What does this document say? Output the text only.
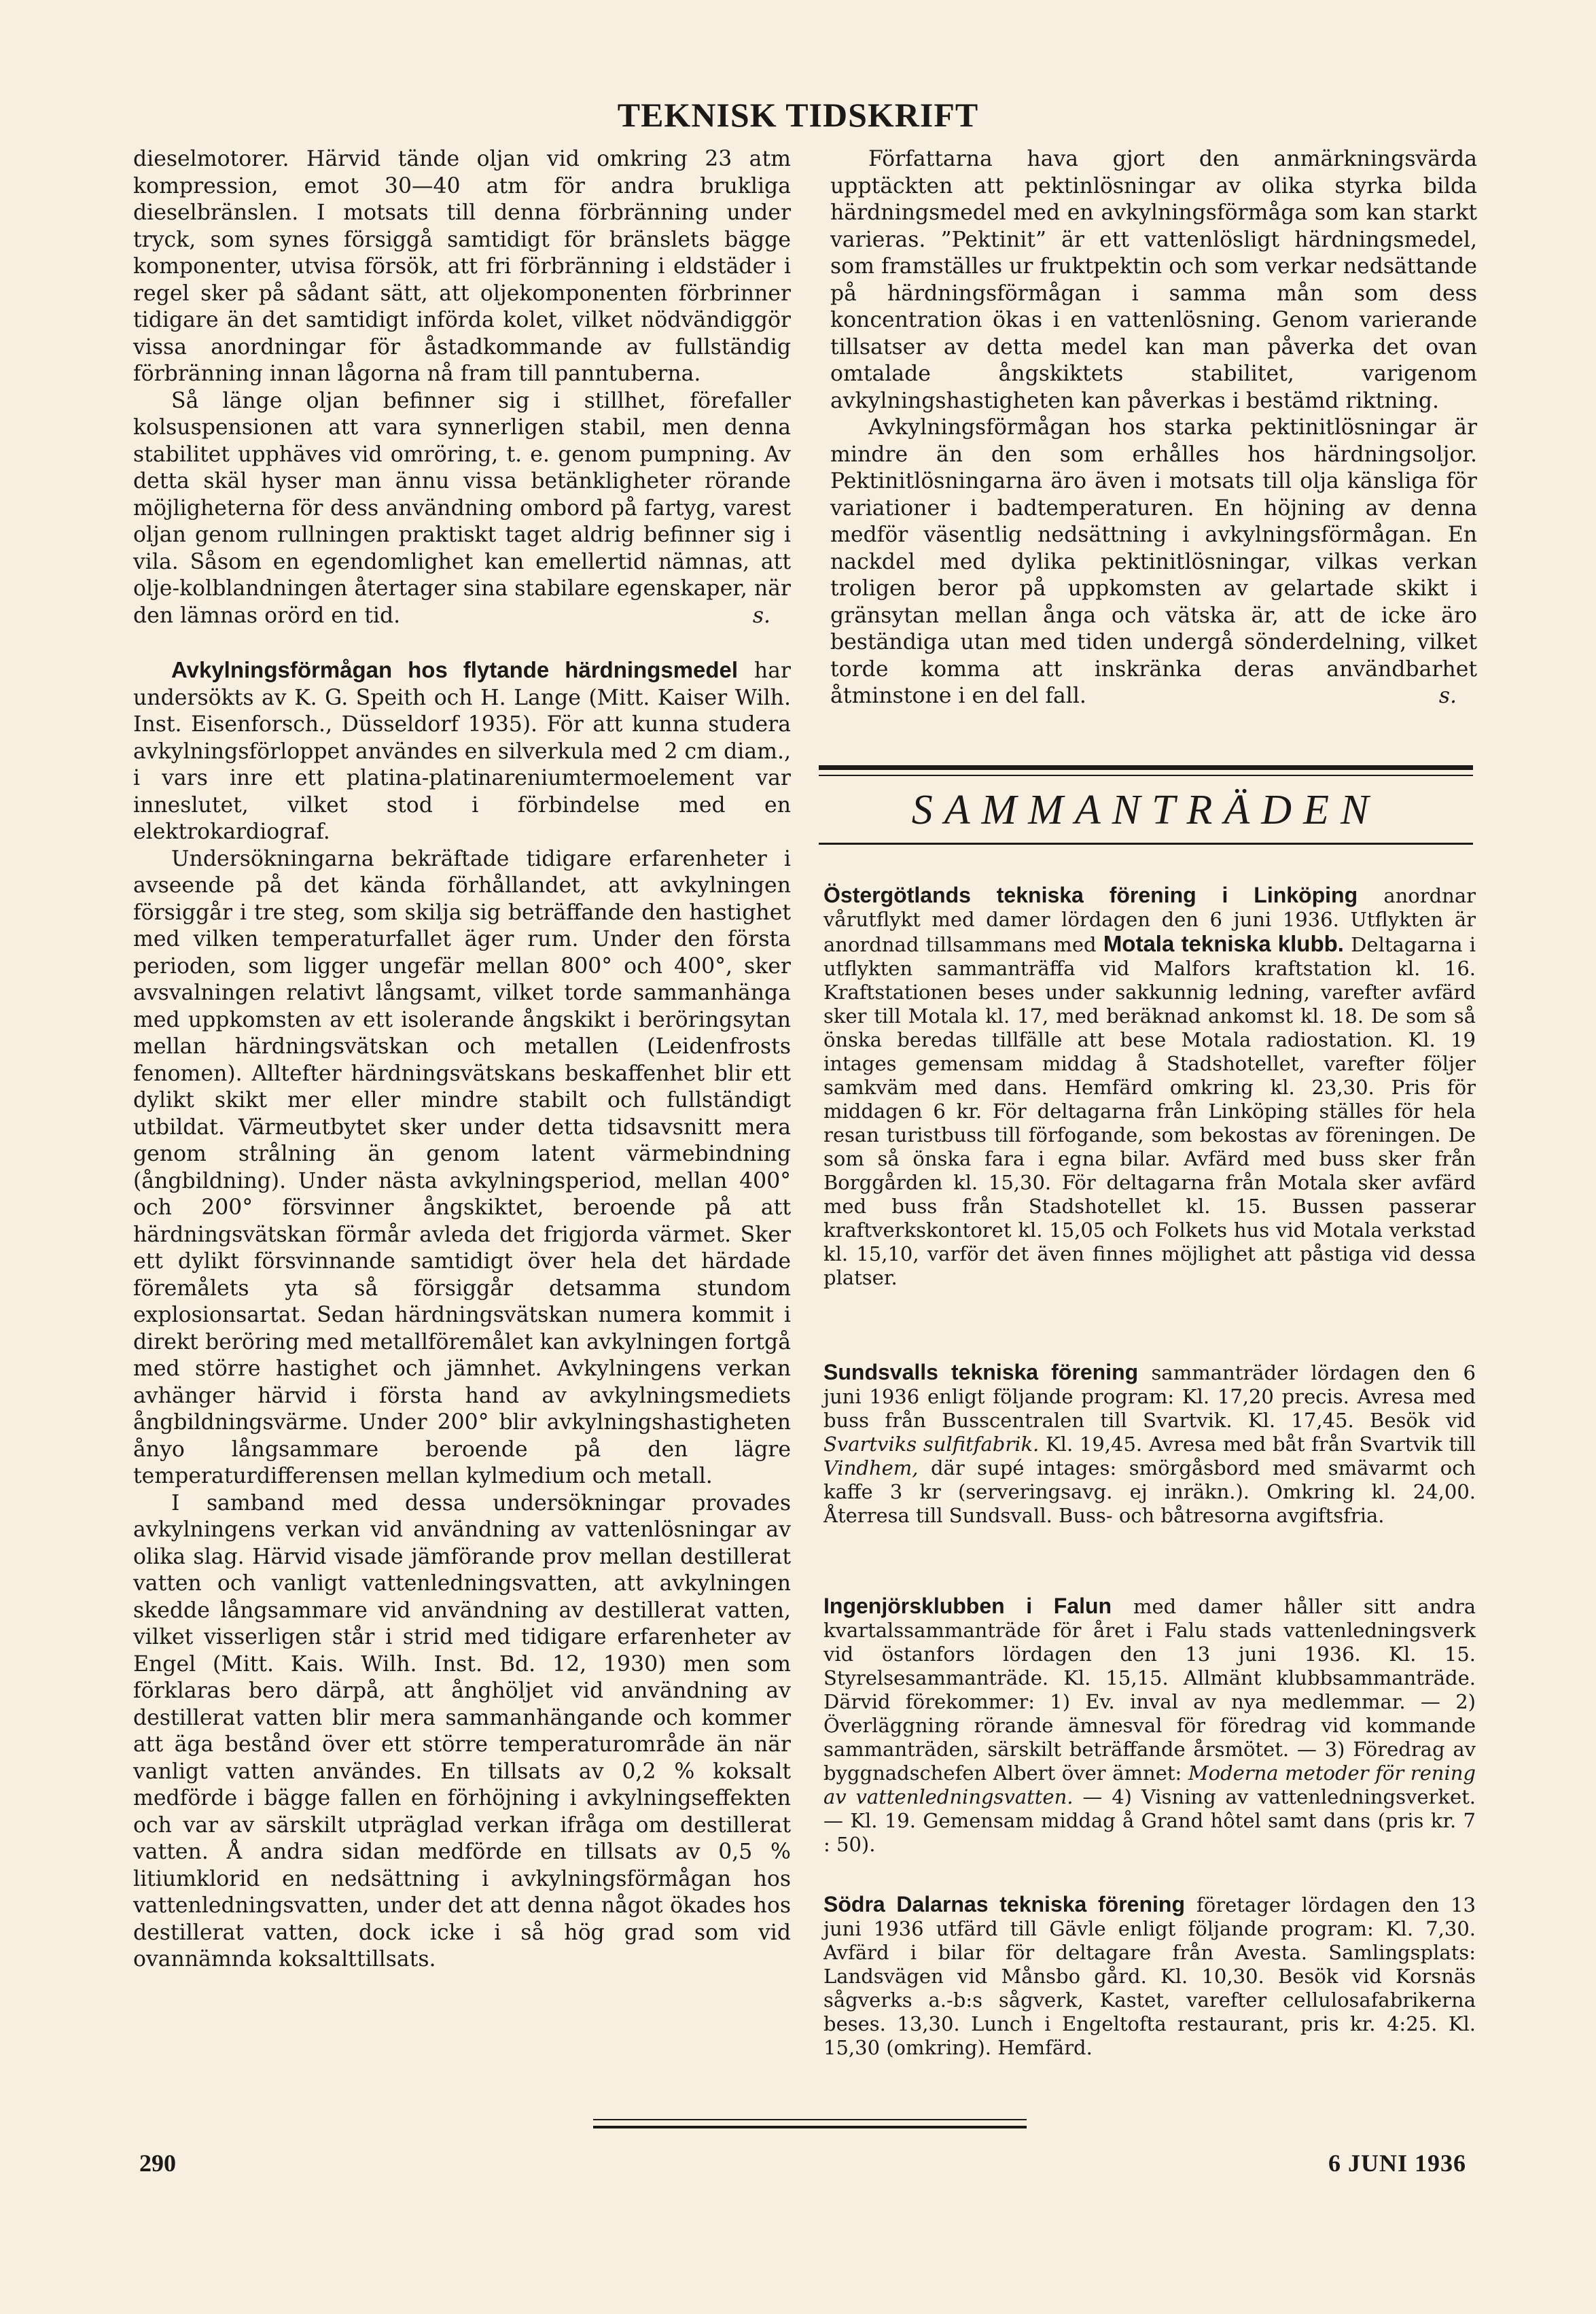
TEKNISK TIDSKRIFT

dieselmotorer. Härvid tände oljan vid omkring 23 atm kompression, emot 30—40 atm för andra brukliga dieselbränslen. I motsats till denna förbränning under tryck, som synes försiggå samtidigt för bränslets bägge komponenter, utvisa försök, att fri förbränning i eldstäder i regel sker på sådant sätt, att oljekomponenten förbrinner tidigare än det samtidigt införda kolet, vilket nödvändiggör vissa anordningar för åstadkommande av fullständig förbränning innan lågorna nå fram till panntuberna.

Så länge oljan befinner sig i stillhet, förefaller kolsuspensionen att vara synnerligen stabil, men denna stabilitet upphäves vid omröring, t. e. genom pumpning. Av detta skäl hyser man ännu vissa betänkligheter rörande möjligheterna för dess användning ombord på fartyg, varest oljan genom rullningen praktiskt taget aldrig befinner sig i vila. Såsom en egendomlighet kan emellertid nämnas, att olje-kolblandningen återtager sina stabilare egenskaper, när den lämnas orörd en tid.	s.

Avkylningsförmågan hos flytande härdningsmedel har undersökts av K. G. Speith och H. Lange (Mitt. Kaiser Wilh. Inst. Eisenforsch., Düsseldorf 1935). För att kunna studera avkylningsförloppet användes en silverkula med 2 cm diam., i vars inre ett platina-platinareniumtermoelement var inneslutet, vilket stod i förbindelse med en elektrokardiograf.

Undersökningarna bekräftade tidigare erfarenheter i avseende på det kända förhållandet, att avkylningen försiggår i tre steg, som skilja sig beträffande den hastighet med vilken temperaturfallet äger rum. Under den första perioden, som ligger ungefär mellan 800° och 400°, sker avsvalningen relativt långsamt, vilket torde sammanhänga med uppkomsten av ett isolerande ångskikt i beröringsytan mellan härdningsvätskan och metallen (Leidenfrosts fenomen). Alltefter härdningsvätskans beskaffenhet blir ett dylikt skikt mer eller mindre stabilt och fullständigt utbildat. Värmeutbytet sker under detta tidsavsnitt mera genom strålning än genom latent värmebindning (ångbildning). Under nästa avkylningsperiod, mellan 400° och 200° försvinner ångskiktet, beroende på att härdningsvätskan förmår avleda det frigjorda värmet. Sker ett dylikt försvinnande samtidigt över hela det härdade föremålets yta så försiggår detsamma stundom explosionsartat. Sedan härdningsvätskan numera kommit i direkt beröring med metallföremålet kan avkylningen fortgå med större hastighet och jämnhet. Avkylningens verkan avhänger härvid i första hand av avkylningsmediets ångbildningsvärme. Under 200° blir avkylningshastigheten ånyo långsammare beroende på den lägre temperaturdifferensen mellan kylmedium och metall.

I samband med dessa undersökningar provades avkylningens verkan vid användning av vattenlösningar av olika slag. Härvid visade jämförande prov mellan destillerat vatten och vanligt vattenledningsvatten, att avkylningen skedde långsammare vid användning av destillerat vatten, vilket visserligen står i strid med tidigare erfarenheter av Engel (Mitt. Kais. Wilh. Inst. Bd. 12, 1930) men som förklaras bero därpå, att ånghöljet vid användning av destillerat vatten blir mera sammanhängande och kommer att äga bestånd över ett större temperaturområde än när vanligt vatten användes. En tillsats av 0,2 % koksalt medförde i bägge fallen en förhöjning i avkylningseffekten och var av särskilt utpräglad verkan ifråga om destillerat vatten. Å andra sidan medförde en tillsats av 0,5 % litiumklorid en nedsättning i avkylningsförmågan hos vattenledningsvatten, under det att denna något ökades hos destillerat vatten, dock icke i så hög grad som vid ovannämnda koksalttillsats.

Författarna hava gjort den anmärkningsvärda upptäckten att pektinlösningar av olika styrka bilda härdningsmedel med en avkylningsförmåga som kan starkt varieras. ”Pektinit” är ett vattenlösligt härdningsmedel, som framställes ur fruktpektin och som verkar nedsättande på härdningsförmågan i samma mån som dess koncentration ökas i en vattenlösning. Genom varierande tillsatser av detta medel kan man påverka det ovan omtalade ångskiktets stabilitet, varigenom avkylningshastigheten kan påverkas i bestämd riktning.

Avkylningsförmågan hos starka pektinitlösningar är mindre än den som erhålles hos härdningsoljor. Pektinitlösningarna äro även i motsats till olja känsliga för variationer i badtemperaturen. En höjning av denna medför väsentlig nedsättning i avkylningsförmågan. En nackdel med dylika pektinitlösningar, vilkas verkan troligen beror på uppkomsten av gelartade skikt i gränsytan mellan ånga och vätska är, att de icke äro beständiga utan med tiden undergå sönderdelning, vilket torde komma att inskränka deras användbarhet åtminstone i en del fall.	s.

SAMMANTRÄDEN

Östergötlands tekniska förening i Linköping anordnar vårutflykt med damer lördagen den 6 juni 1936. Utflykten är anordnad tillsammans med Motala tekniska klubb. Deltagarna i utflykten sammanträffa vid Malfors kraftstation kl. 16. Kraftstationen beses under sakkunnig ledning, varefter avfärd sker till Motala kl. 17, med beräknad ankomst kl. 18. De som så önska beredas tillfälle att bese Motala radiostation. Kl. 19 intages gemensam middag å Stadshotellet, varefter följer samkväm med dans. Hemfärd omkring kl. 23,30. Pris för middagen 6 kr. För deltagarna från Linköping ställes för hela resan turistbuss till förfogande, som bekostas av föreningen. De som så önska fara i egna bilar. Avfärd med buss sker från Borggården kl. 15,30. För deltagarna från Motala sker avfärd med buss från Stadshotellet kl. 15. Bussen passerar kraftverkskontoret kl. 15,05 och Folkets hus vid Motala verkstad kl. 15,10, varför det även finnes möjlighet att påstiga vid dessa platser.

Sundsvalls tekniska förening sammanträder lördagen den 6 juni 1936 enligt följande program: Kl. 17,20 precis. Avresa med buss från Busscentralen till Svartvik. Kl. 17,45. Besök vid Svartviks sulfitfabrik. Kl. 19,45. Avresa med båt från Svartvik till Vindhem, där supé intages: smörgåsbord med smävarmt och kaffe 3 kr (serveringsavg. ej inräkn.). Omkring kl. 24,00. Återresa till Sundsvall. Buss- och båtresorna avgiftsfria.

Ingenjörsklubben i Falun med damer håller sitt andra kvartalssammanträde för året i Falu stads vattenledningsverk vid östanfors lördagen den 13 juni 1936. Kl. 15. Styrelsesammanträde. Kl. 15,15. Allmänt klubbsammanträde. Därvid förekommer: 1) Ev. inval av nya medlemmar. — 2) Överläggning rörande ämnesval för föredrag vid kommande sammanträden, särskilt beträffande årsmötet. — 3) Föredrag av byggnadschefen Albert över ämnet: Moderna metoder för rening av vattenledningsvatten. — 4) Visning av vattenledningsverket. — Kl. 19. Gemensam middag å Grand hôtel samt dans (pris kr. 7 : 50).

Södra Dalarnas tekniska förening företager lördagen den 13 juni 1936 utfärd till Gävle enligt följande program: Kl. 7,30. Avfärd i bilar för deltagare från Avesta. Samlingsplats: Landsvägen vid Månsbo gård. Kl. 10,30. Besök vid Korsnäs sågverks a.-b:s sågverk, Kastet, varefter cellulosafabrikerna beses. 13,30. Lunch i Engeltofta restaurant, pris kr. 4:25. Kl. 15,30 (omkring). Hemfärd.

290	6 JUNI 1936
